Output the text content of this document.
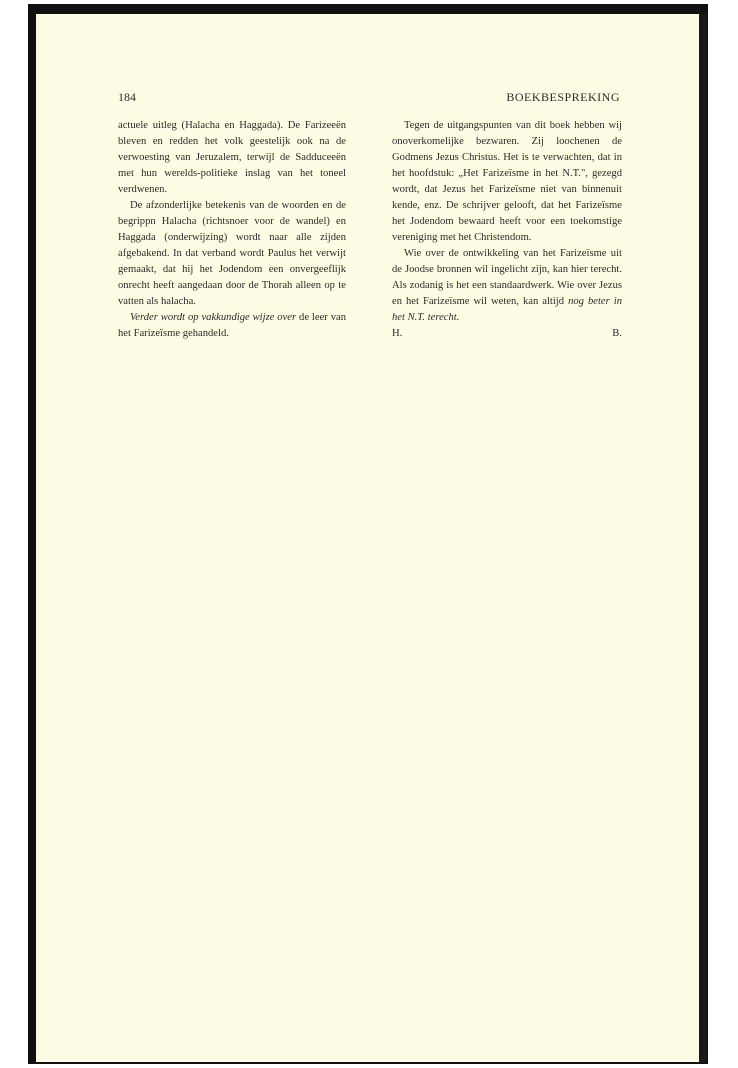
184	BOEKBESPREKING

actuele uitleg (Halacha en Haggada). De Farizeeën bleven en redden het volk geestelijk ook na de verwoesting van Jeruzalem, terwijl de Sadduceeën met hun werelds-politieke inslag van het toneel verdwenen.

De afzonderlijke betekenis van de woorden en de begrippn Halacha (richtsnoer voor de wandel) en Haggada (onderwijzing) wordt naar alle zijden afgebakend. In dat verband wordt Paulus het verwijt gemaakt, dat hij het Jodendom een onvergeeflijk onrecht heeft aangedaan door de Thorah alleen op te vatten als halacha.

Verder wordt op vakkundige wijze over de leer van het Farizeïsme gehandeld.

Tegen de uitgangspunten van dit boek hebben wij onoverkomelijke bezwaren. Zij loochenen de Godmens Jezus Christus. Het is te verwachten, dat in het hoofdstuk: „Het Farizeïsme in het N.T.", gezegd wordt, dat Jezus het Farizeïsme niet van binnenuit kende, enz. De schrijver gelooft, dat het Farizeïsme het Jodendom bewaard heeft voor een toekomstige vereniging met het Christendom.

Wie over de ontwikkeling van het Farizeïsme uit de Joodse bronnen wil ingelicht zijn, kan hier terecht. Als zodanig is het een standaardwerk. Wie over Jezus en het Farizeïsme wil weten, kan altijd nog beter in het N.T. terecht.

H.	B.
